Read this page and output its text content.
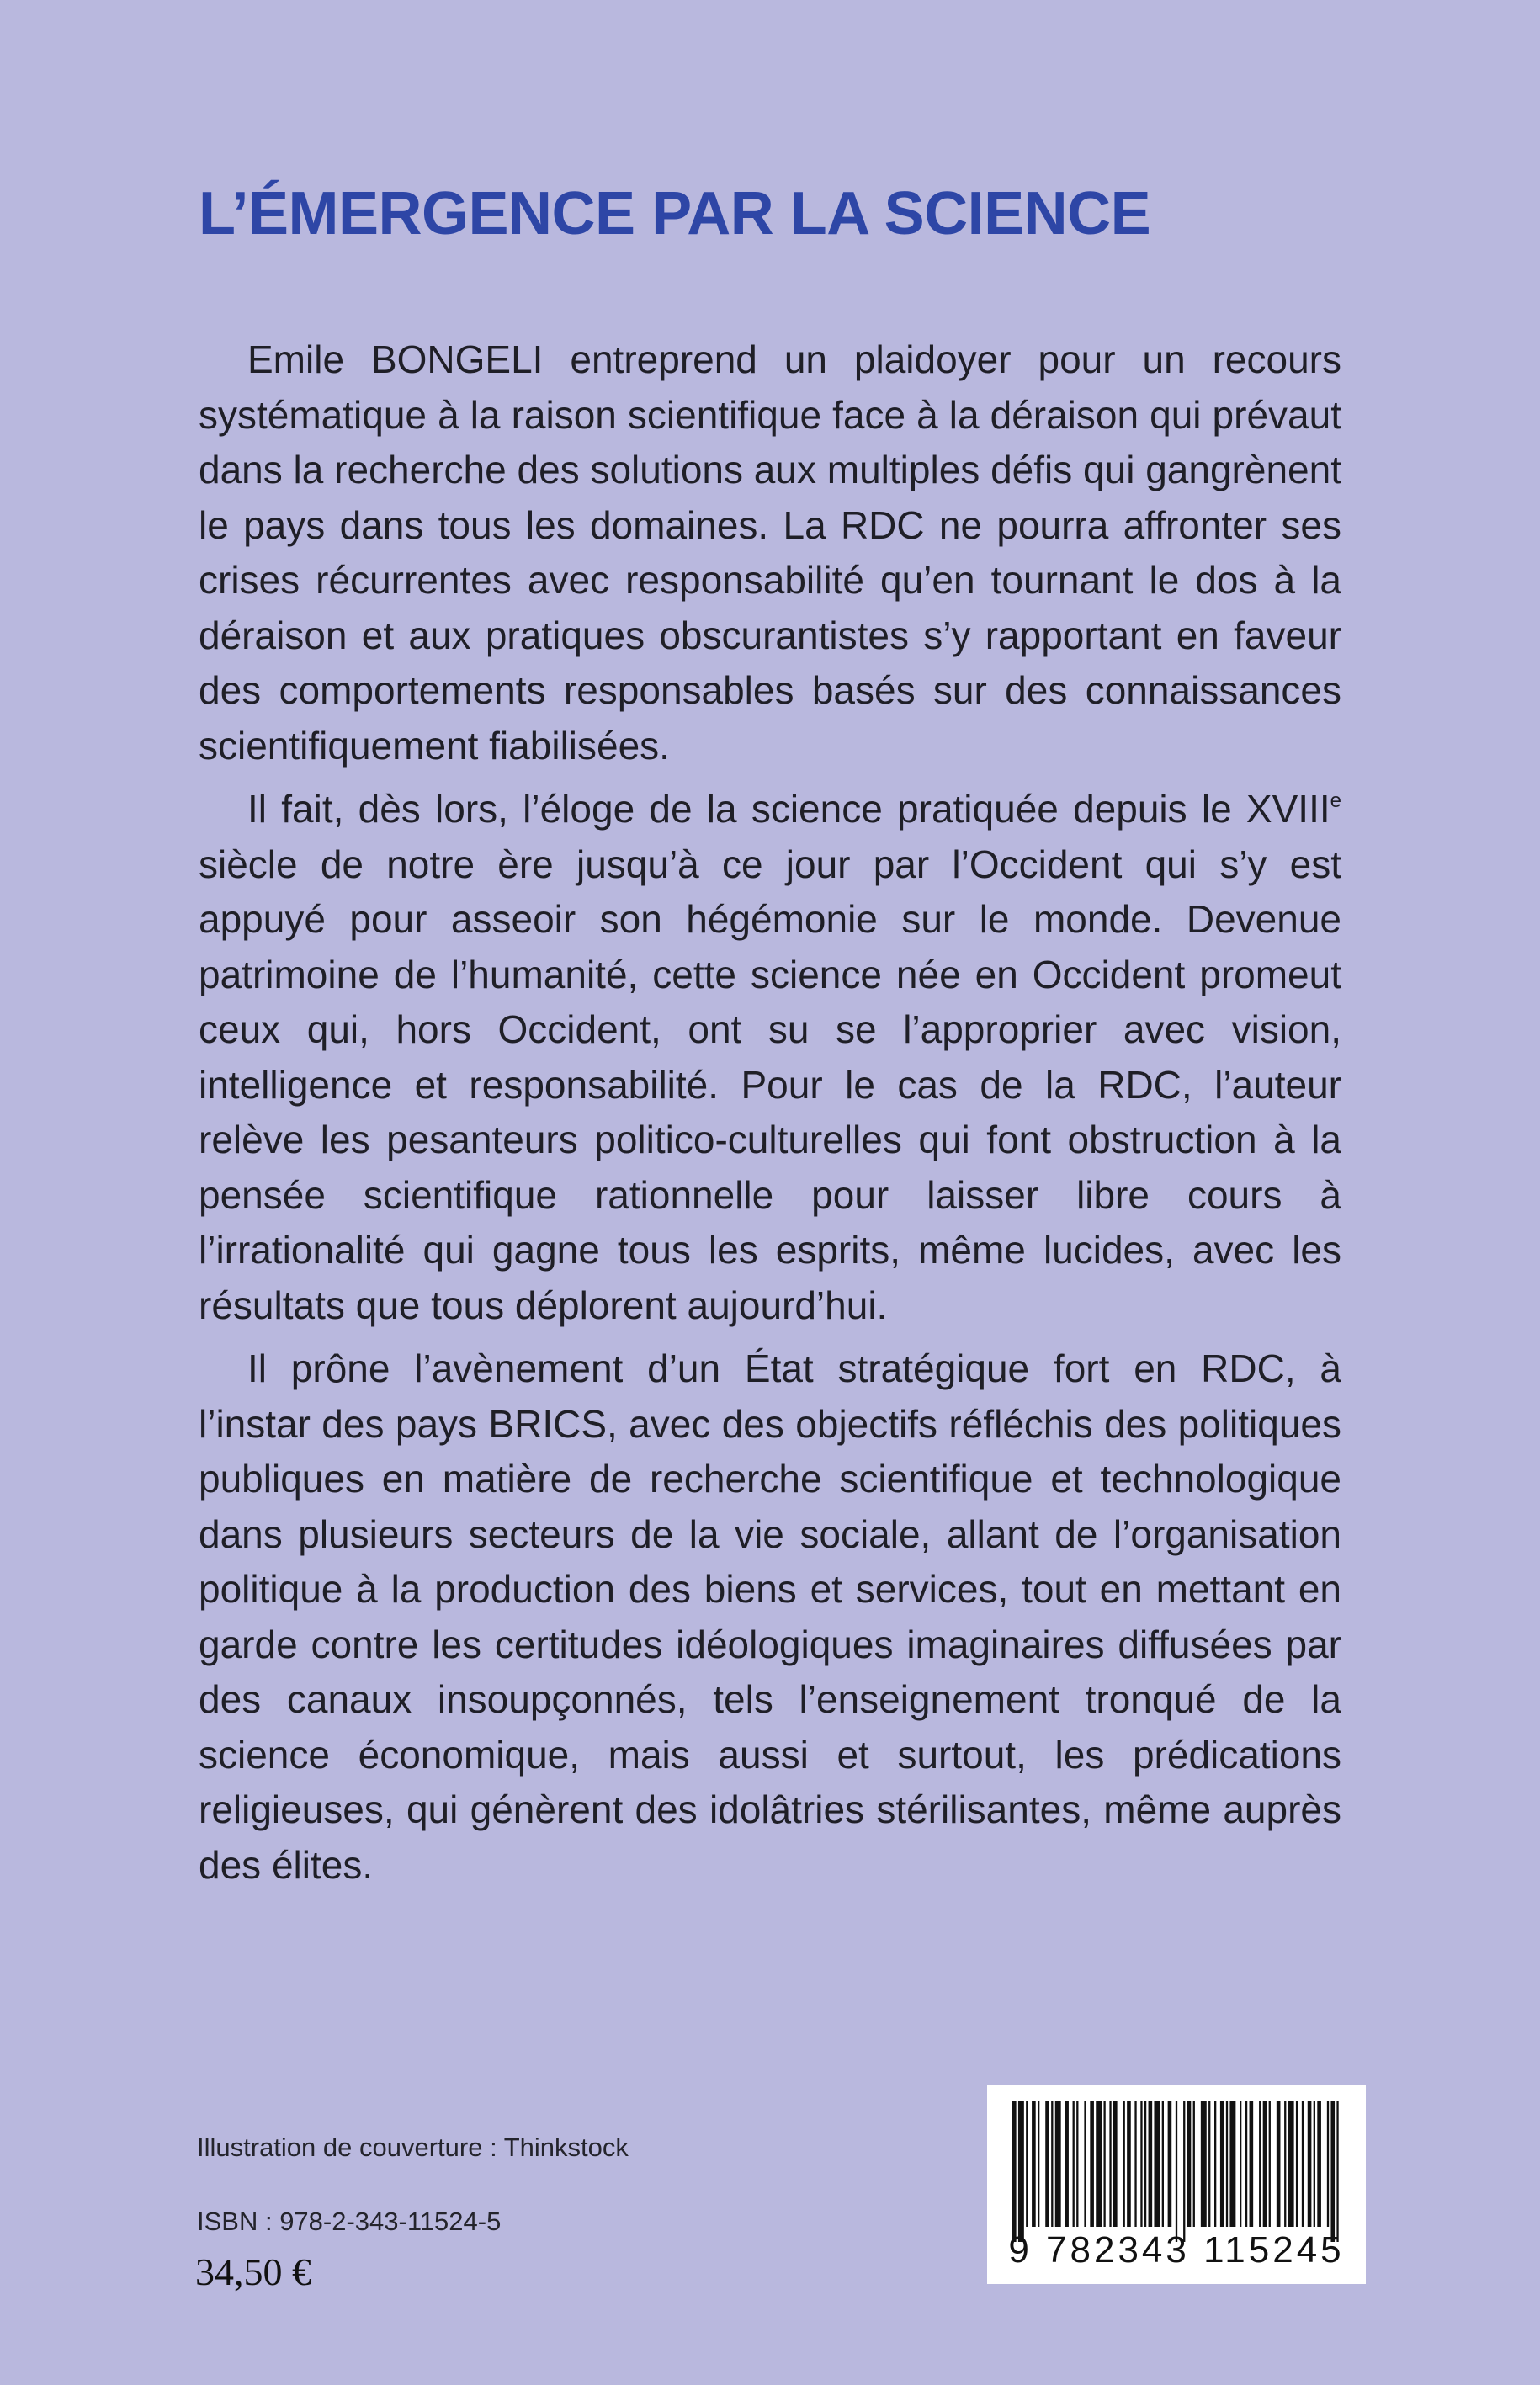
L’ÉMERGENCE PAR LA SCIENCE

Emile BONGELI entreprend un plaidoyer pour un recours systématique à la raison scientifique face à la déraison qui prévaut dans la recherche des solutions aux multiples défis qui gangrènent le pays dans tous les domaines. La RDC ne pourra affronter ses crises récurrentes avec responsabilité qu’en tournant le dos à la déraison et aux pratiques obscurantistes s’y rapportant en faveur des comportements responsables basés sur des connaissances scientifiquement fiabilisées.

Il fait, dès lors, l’éloge de la science pratiquée depuis le XVIIIe siècle de notre ère jusqu’à ce jour par l’Occident qui s’y est appuyé pour asseoir son hégémonie sur le monde. Devenue patrimoine de l’humanité, cette science née en Occident promeut ceux qui, hors Occident, ont su se l’approprier avec vision, intelligence et responsabilité. Pour le cas de la RDC, l’auteur relève les pesanteurs politico-culturelles qui font obstruction à la pensée scientifique rationnelle pour laisser libre cours à l’irrationalité qui gagne tous les esprits, même lucides, avec les résultats que tous déplorent aujourd’hui.

Il prône l’avènement d’un État stratégique fort en RDC, à l’instar des pays BRICS, avec des objectifs réfléchis des politiques publiques en matière de recherche scientifique et technologique dans plusieurs secteurs de la vie sociale, allant de l’organisation politique à la production des biens et services, tout en mettant en garde contre les certitudes idéologiques imaginaires diffusées par des canaux insoupçonnés, tels l’enseignement tronqué de la science économique, mais aussi et surtout, les prédications religieuses, qui génèrent des idolâtries stérilisantes, même auprès des élites.

Illustration de couverture : Thinkstock
ISBN : 978-2-343-11524-5
34,50 €
9 782343 115245
